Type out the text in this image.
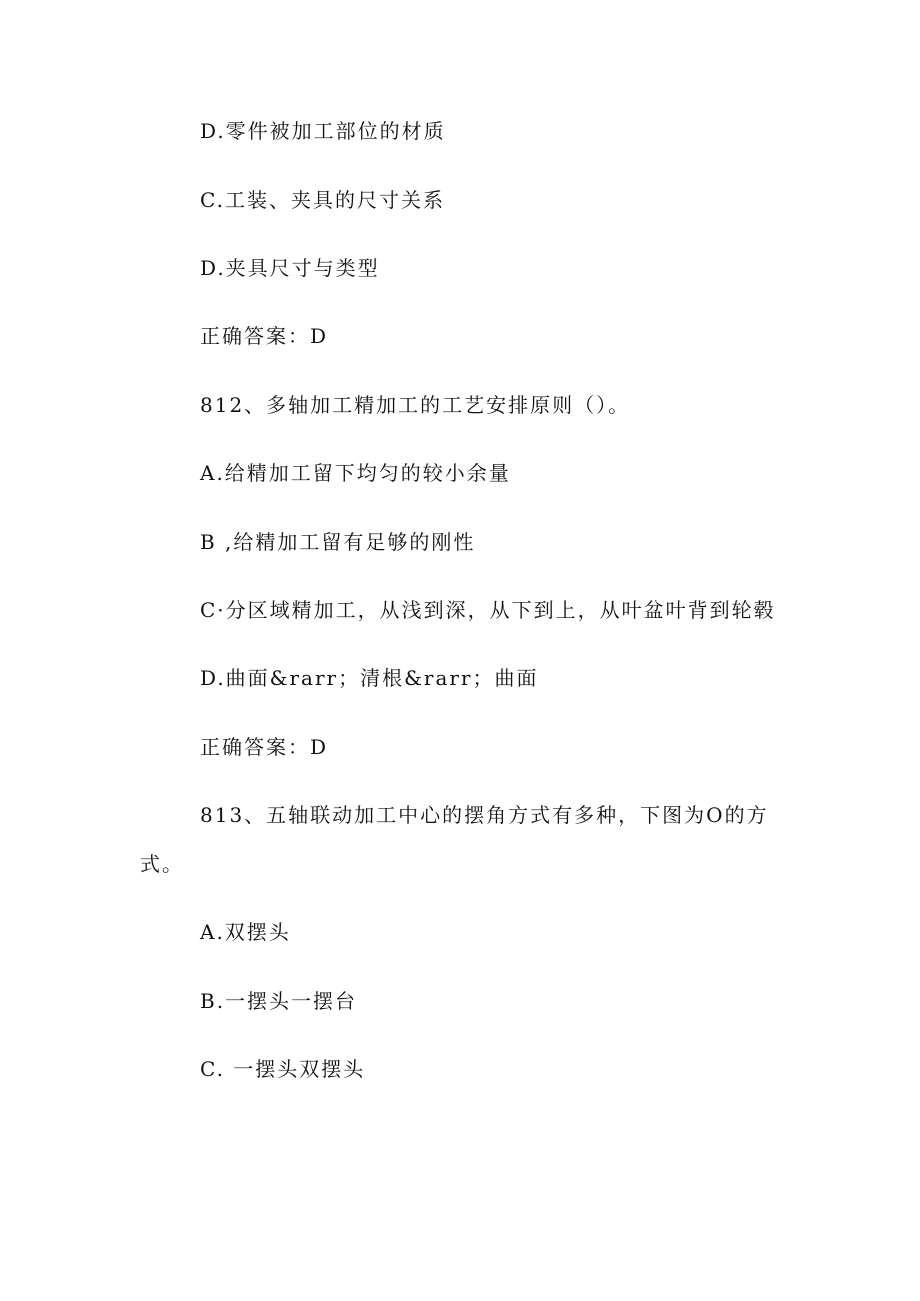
D.零件被加工部位的材质

C.工装、夹具的尺寸关系

D.夹具尺寸与类型

正确答案：D

812、多轴加工精加工的工艺安排原则（）。

A.给精加工留下均匀的较小余量

B ,给精加工留有足够的刚性

C·分区域精加工，从浅到深，从下到上，从叶盆叶背到轮毂

D.曲面&rarr；清根&rarr；曲面

正确答案：D

813、五轴联动加工中心的摆角方式有多种，下图为O的方

式。

A.双摆头

B.一摆头一摆台

C. 一摆头双摆头
